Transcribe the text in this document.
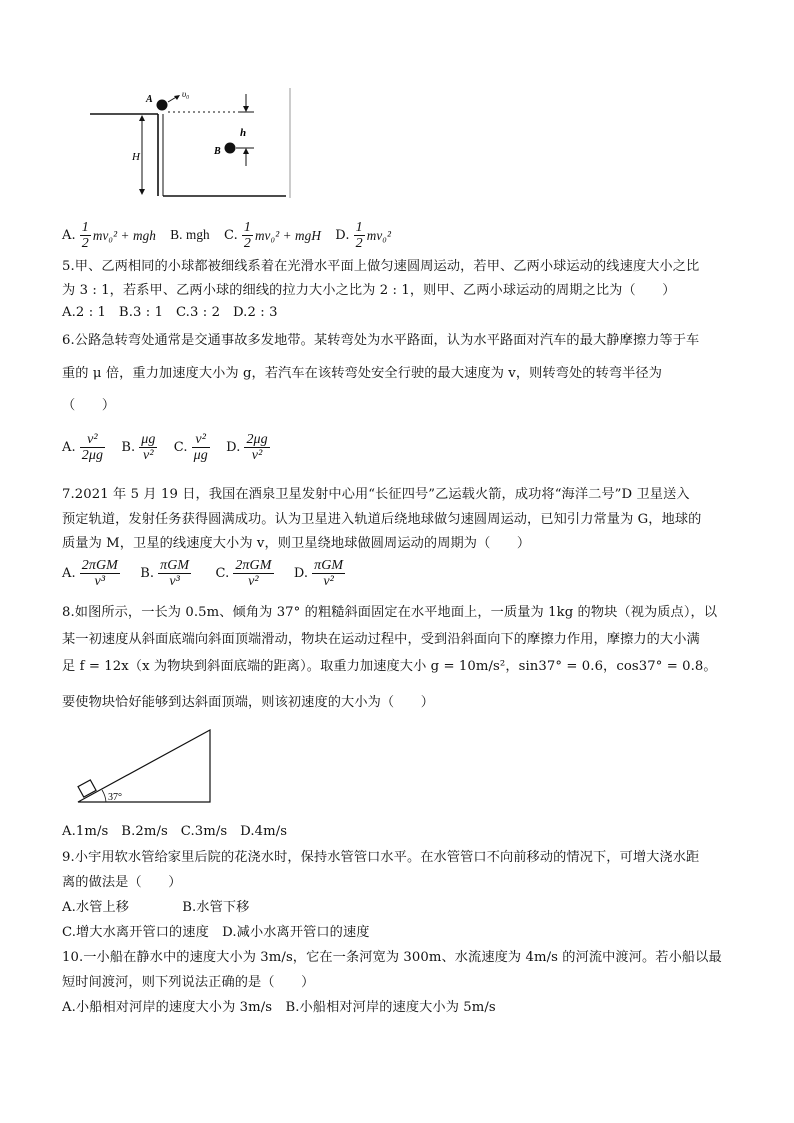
A	υ₀
B
h
H
A. $\frac{1}{2} mv_0^2$ + mgh
B. mgh
C. $\frac{1}{2} mv_0^2$ + mgH
D. $\frac{1}{2} mv_0^2$
5.甲、乙两相同的小球都被细线系着在光滑水平面上做匀速圆周运动，若甲、乙两小球运动的线速度大小之比
为 3 : 1，若系甲、乙两小球的细线的拉力大小之比为 2 : 1，则甲、乙两小球运动的周期之比为（　　）
A.2 : 1   B.3 : 1   C.3 : 2   D.2 : 3
6.公路急转弯处通常是交通事故多发地带。某转弯处为水平路面，认为水平路面对汽车的最大静摩擦力等于车
重的 μ 倍，重力加速度大小为 g，若汽车在该转弯处安全行驶的最大速度为 v，则转弯处的转弯半径为
（　　）
A. $\frac{\text{v²}}{2\mu g}$
B. $\frac{\mu g}{\text{v²}}$
C. $\frac{\text{v²}}{\mu g}$
D. $\frac{2\mu g}{\text{v²}}$
7.2021 年 5 月 19 日，我国在酒泉卫星发射中心用“长征四号”乙运载火箭，成功将“海洋二号”D 卫星送入
预定轨道，发射任务获得圆满成功。认为卫星进入轨道后绕地球做匀速圆周运动，已知引力常量为 G，地球的
质量为 M，卫星的线速度大小为 v，则卫星绕地球做圆周运动的周期为（　　）
A. $\frac{\text{2πGM}}{\text{v³}}$
B. $\frac{\text{πGM}}{\text{v³}}$
C. $\frac{\text{2πGM}}{\text{v²}}$
D. $\frac{\text{πGM}}{\text{v²}}$
8.如图所示，一长为 0.5m、倾角为 37° 的粗糙斜面固定在水平地面上，一质量为 1kg 的物块（视为质点），以
某一初速度从斜面底端向斜面顶端滑动，物块在运动过程中，受到沿斜面向下的摩擦力作用，摩擦力的大小满
足 f = 12x（x 为物块到斜面底端的距离）。取重力加速度大小 g = 10m/s²，sin37° = 0.6，cos37° = 0.8。
要使物块恰好能够到达斜面顶端，则该初速度的大小为（　　）
37°
A.1m/s   B.2m/s   C.3m/s   D.4m/s
9.小宇用软水管给家里后院的花浇水时，保持水管管口水平。在水管管口不向前移动的情况下，可增大浇水距
离的做法是（　　）
A.水管上移　　　　B.水管下移
C.增大水离开管口的速度　D.减小水离开管口的速度
10.一小船在静水中的速度大小为 3m/s，它在一条河宽为 300m、水流速度为 4m/s 的河流中渡河。若小船以最
短时间渡河，则下列说法正确的是（　　）
A.小船相对河岸的速度大小为 3m/s　B.小船相对河岸的速度大小为 5m/s
